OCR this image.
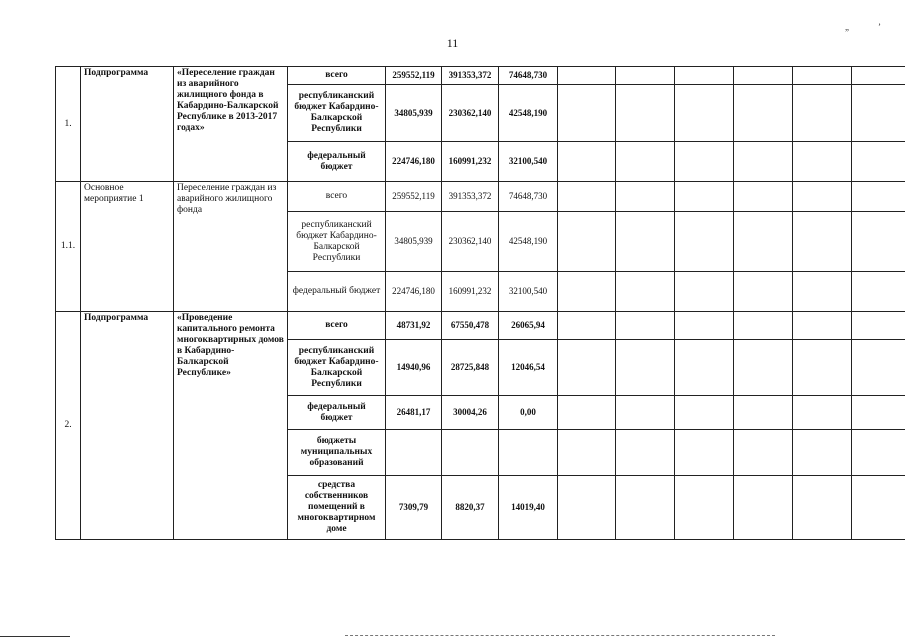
11
„	’
1.	Подпрограмма	«Переселение граждан из аварийного жилищного фонда в Кабардино-Балкарской Республике в 2013-2017 годах»	всего	259552,119	391353,372	74648,730						
			республиканский бюджет Кабардино-Балкарской Республики	34805,939	230362,140	42548,190						
			федеральный бюджет	224746,180	160991,232	32100,540						
1.1.	Основное мероприятие 1	Переселение граждан из аварийного жилищного фонда	всего	259552,119	391353,372	74648,730						
			республиканский бюджет Кабардино-Балкарской Республики	34805,939	230362,140	42548,190						
			федеральный бюджет	224746,180	160991,232	32100,540						
2.	Подпрограмма	«Проведение капитального ремонта многоквартирных домов в Кабардино-Балкарской Республике»	всего	48731,92	67550,478	26065,94						
			республиканский бюджет Кабардино-Балкарской Республики	14940,96	28725,848	12046,54						
			федеральный бюджет	26481,17	30004,26	0,00						
			бюджеты муниципальных образований									
			средства собственников помещений в многоквартирном доме	7309,79	8820,37	14019,40						
